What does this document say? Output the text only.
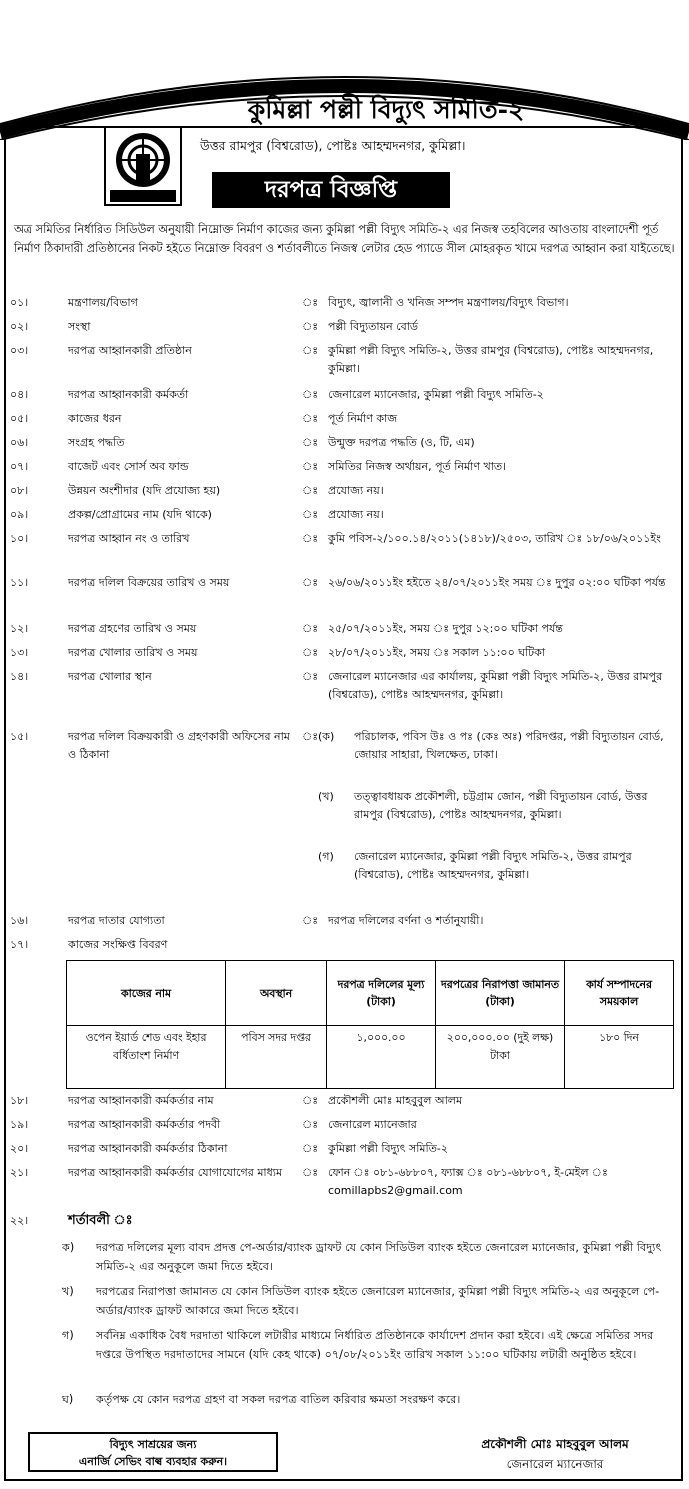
কুমিল্লা পল্লী বিদ্যুৎ সমিতি-২
উত্তর রামপুর (বিশ্বরোড), পোষ্টঃ আহম্মদনগর, কুমিল্লা।
দরপত্র বিজ্ঞপ্তি
অত্র সমিতির নির্ধারিত সিডিউল অনুযায়ী নিম্নোক্ত নির্মাণ কাজের জন্য কুমিল্লা পল্লী বিদ্যুৎ সমিতি-২ এর নিজস্ব তহবিলের আওতায় বাংলাদেশী পূর্ত নির্মাণ ঠিকাদারী প্রতিষ্ঠানের নিকট হইতে নিম্নোক্ত বিবরণ ও শর্তাবলীতে নিজস্ব লেটার হেড প্যাডে সীল মোহরকৃত খামে দরপত্র আহ্বান করা যাইতেছে।
০১।	মন্ত্রণালয়/বিভাগ	ঃ বিদ্যুৎ, জ্বালানী ও খনিজ সম্পদ মন্ত্রণালয়/বিদ্যুৎ বিভাগ।
০২।	সংস্থা	ঃ পল্লী বিদ্যুতায়ন বোর্ড
০৩।	দরপত্র আহ্বানকারী প্রতিষ্ঠান	ঃ কুমিল্লা পল্লী বিদ্যুৎ সমিতি-২, উত্তর রামপুর (বিশ্বরোড), পোষ্টঃ আহম্মদনগর, কুমিল্লা।
০৪।	দরপত্র আহ্বানকারী কর্মকর্তা	ঃ জেনারেল ম্যানেজার, কুমিল্লা পল্লী বিদ্যুৎ সমিতি-২
০৫।	কাজের ধরন	ঃ পূর্ত নির্মাণ কাজ
০৬।	সংগ্রহ পদ্ধতি	ঃ উন্মুক্ত দরপত্র পদ্ধতি (ও, টি, এম)
০৭।	বাজেট এবং সোর্স অব ফান্ড	ঃ সমিতির নিজস্ব অর্থায়ন, পূর্ত নির্মাণ খাত।
০৮।	উন্নয়ন অংশীদার (যদি প্রযোজ্য হয়)	ঃ প্রযোজ্য নয়।
০৯।	প্রকল্প/প্রোগ্রামের নাম (যদি থাকে)	ঃ প্রযোজ্য নয়।
১০।	দরপত্র আহ্বান নং ও তারিখ	ঃ কুমি পবিস-২/১০০.১৪/২০১১(১৪১৮)/২৫০৩, তারিখ ঃ ১৮/০৬/২০১১ইং
১১।	দরপত্র দলিল বিক্রয়ের তারিখ ও সময়	ঃ ২৬/০৬/২০১১ইং হইতে ২৪/০৭/২০১১ইং সময় ঃ দুপুর ০২:০০ ঘটিকা পর্যন্ত
১২।	দরপত্র গ্রহণের তারিখ ও সময়	ঃ ২৫/০৭/২০১১ইং, সময় ঃ দুপুর ১২:০০ ঘটিকা পর্যন্ত
১৩।	দরপত্র খোলার তারিখ ও সময়	ঃ ২৮/০৭/২০১১ইং, সময় ঃ সকাল ১১:০০ ঘটিকা
১৪।	দরপত্র খোলার স্থান	ঃ জেনারেল ম্যানেজার এর কার্যালয়, কুমিল্লা পল্লী বিদ্যুৎ সমিতি-২, উত্তর রামপুর (বিশ্বরোড), পোষ্টঃ আহম্মদনগর, কুমিল্লা।
১৫।	দরপত্র দলিল বিক্রয়কারী ও গ্রহণকারী অফিসের নাম ও ঠিকানা
ঃ (ক)	পরিচালক, পবিস উঃ ও পঃ (কেঃ অঃ) পরিদপ্তর, পল্লী বিদ্যুতায়ন বোর্ড, জোয়ার সাহারা, খিলক্ষেত, ঢাকা।
(খ)	তত্ত্বাবধায়ক প্রকৌশলী, চট্টগ্রাম জোন, পল্লী বিদ্যুতায়ন বোর্ড, উত্তর রামপুর (বিশ্বরোড), পোষ্টঃ আহম্মদনগর, কুমিল্লা।
(গ)	জেনারেল ম্যানেজার, কুমিল্লা পল্লী বিদ্যুৎ সমিতি-২, উত্তর রামপুর (বিশ্বরোড), পোষ্টঃ আহম্মদনগর, কুমিল্লা।
১৬।	দরপত্র দাতার যোগ্যতা	ঃ দরপত্র দলিলের বর্ণনা ও শর্তানুযায়ী।
১৭।	কাজের সংক্ষিপ্ত বিবরণ
কাজের নাম	অবস্থান	দরপত্র দলিলের মূল্য (টাকা)	দরপত্রের নিরাপত্তা জামানত (টাকা)	কার্য সম্পাদনের সময়কাল
ওপেন ইয়ার্ড শেড এবং ইহার বর্ধিতাংশ নির্মাণ	পবিস সদর দপ্তর	১,০০০.০০	২০০,০০০.০০ (দুই লক্ষ) টাকা	১৮০ দিন
১৮।	দরপত্র আহ্বানকারী কর্মকর্তার নাম	ঃ প্রকৌশলী মোঃ মাহবুবুল আলম
১৯।	দরপত্র আহ্বানকারী কর্মকর্তার পদবী	ঃ জেনারেল ম্যানেজার
২০।	দরপত্র আহ্বানকারী কর্মকর্তার ঠিকানা	ঃ কুমিল্লা পল্লী বিদ্যুৎ সমিতি-২
২১।	দরপত্র আহ্বানকারী কর্মকর্তার যোগাযোগের মাধ্যম	ঃ ফোন ঃ ০৮১-৬৮৮০৭, ফ্যাক্স ঃ ০৮১-৬৮৮০৭, ই-মেইল ঃ comillapbs2@gmail.com
২২।	শর্তাবলী ঃ
ক)	দরপত্র দলিলের মূল্য বাবদ প্রদত্ত পে-অর্ডার/ব্যাংক ড্রাফট যে কোন সিডিউল ব্যাংক হইতে জেনারেল ম্যানেজার, কুমিল্লা পল্লী বিদ্যুৎ সমিতি-২ এর অনুকূলে জমা দিতে হইবে।
খ)	দরপত্রের নিরাপত্তা জামানত যে কোন সিডিউল ব্যাংক হইতে জেনারেল ম্যানেজার, কুমিল্লা পল্লী বিদ্যুৎ সমিতি-২ এর অনুকূলে পে-অর্ডার/ব্যাংক ড্রাফট আকারে জমা দিতে হইবে।
গ)	সর্বনিম্ন একাধিক বৈধ দরদাতা থাকিলে লটারীর মাধ্যমে নির্ধারিত প্রতিষ্ঠানকে কার্যাদেশ প্রদান করা হইবে। এই ক্ষেত্রে সমিতির সদর দপ্তরে উপস্থিত দরদাতাদের সামনে (যদি কেহ থাকে) ০৭/০৮/২০১১ইং তারিখ সকাল ১১:০০ ঘটিকায় লটারী অনুষ্ঠিত হইবে।
ঘ)	কর্তৃপক্ষ যে কোন দরপত্র গ্রহণ বা সকল দরপত্র বাতিল করিবার ক্ষমতা সংরক্ষণ করে।
বিদ্যুৎ সাশ্রয়ের জন্য
এনার্জি সেভিং বাল্ব ব্যবহার করুন।
প্রকৌশলী মোঃ মাহবুবুল আলম
জেনারেল ম্যানেজার
